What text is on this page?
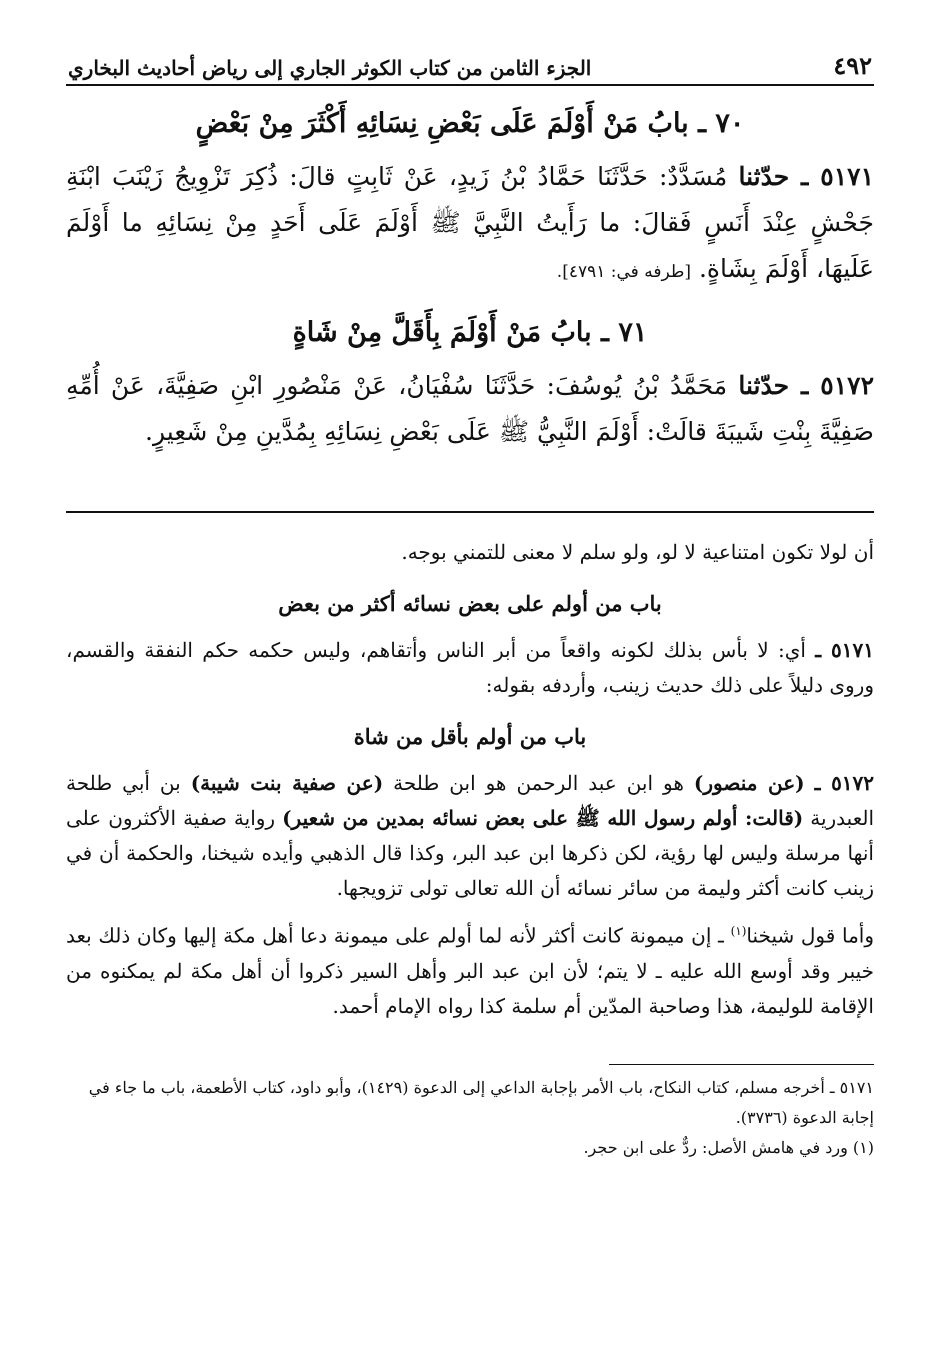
٤٩٢
الجزء الثامن من كتاب الكوثر الجاري إلى رياض أحاديث البخاري
٧٠ ـ بابُ مَنْ أَوْلَمَ عَلَى بَعْضِ نِسَائِهِ أَكْثَرَ مِنْ بَعْضٍ
٥١٧١ ـ حدّثنا مُسَدَّدٌ: حَدَّثَنَا حَمَّادُ بْنُ زَيدٍ، عَنْ ثَابِتٍ قالَ: ذُكِرَ تَزْوِيجُ زَيْنَبَ ابْنَةِ جَحْشٍ عِنْدَ أَنَسٍ فَقالَ: ما رَأَيتُ النَّبِيَّ ﷺ أَوْلَمَ عَلَى أَحَدٍ مِنْ نِسَائِهِ ما أَوْلَمَ عَلَيهَا، أَوْلَمَ بِشَاةٍ. [طرفه في: ٤٧٩١].
٧١ ـ بابُ مَنْ أَوْلَمَ بِأَقَلَّ مِنْ شَاةٍ
٥١٧٢ ـ حدّثنا مَحَمَّدُ بْنُ يُوسُفَ: حَدَّثَنَا سُفْيَانُ، عَنْ مَنْصُورِ ابْنِ صَفِيَّةَ، عَنْ أُمِّهِ صَفِيَّةَ بِنْتِ شَيبَةَ قالَتْ: أَوْلَمَ النَّبِيُّ ﷺ عَلَى بَعْضِ نِسَائِهِ بِمُدَّينِ مِنْ شَعِيرٍ.

أن لولا تكون امتناعية لا لو، ولو سلم لا معنى للتمني بوجه.

باب من أولم على بعض نسائه أكثر من بعض

٥١٧١ ـ أي: لا بأس بذلك لكونه واقعاً من أبر الناس وأتقاهم، وليس حكمه حكم النفقة والقسم، وروى دليلاً على ذلك حديث زينب، وأردفه بقوله:

باب من أولم بأقل من شاة

٥١٧٢ ـ (عن منصور) هو ابن عبد الرحمن هو ابن طلحة (عن صفية بنت شيبة) بن أبي طلحة العبدرية (قالت: أولم رسول الله ﷺ على بعض نسائه بمدين من شعير) رواية صفية الأكثرون على أنها مرسلة وليس لها رؤية، لكن ذكرها ابن عبد البر، وكذا قال الذهبي وأيده شيخنا، والحكمة أن في زينب كانت أكثر وليمة من سائر نسائه أن الله تعالى تولى تزويجها.

وأما قول شيخنا$^{(١)}$ ـ إن ميمونة كانت أكثر لأنه لما أولم على ميمونة دعا أهل مكة إليها وكان ذلك بعد خيبر وقد أوسع الله عليه ـ لا يتم؛ لأن ابن عبد البر وأهل السير ذكروا أن أهل مكة لم يمكنوه من الإقامة للوليمة، هذا وصاحبة المدّين أم سلمة كذا رواه الإمام أحمد.

٥١٧١ ـ أخرجه مسلم، كتاب النكاح، باب الأمر بإجابة الداعي إلى الدعوة (١٤٢٩)، وأبو داود، كتاب الأطعمة، باب ما جاء في إجابة الدعوة (٣٧٣٦).

(١) ورد في هامش الأصل: ردٌّ على ابن حجر.
